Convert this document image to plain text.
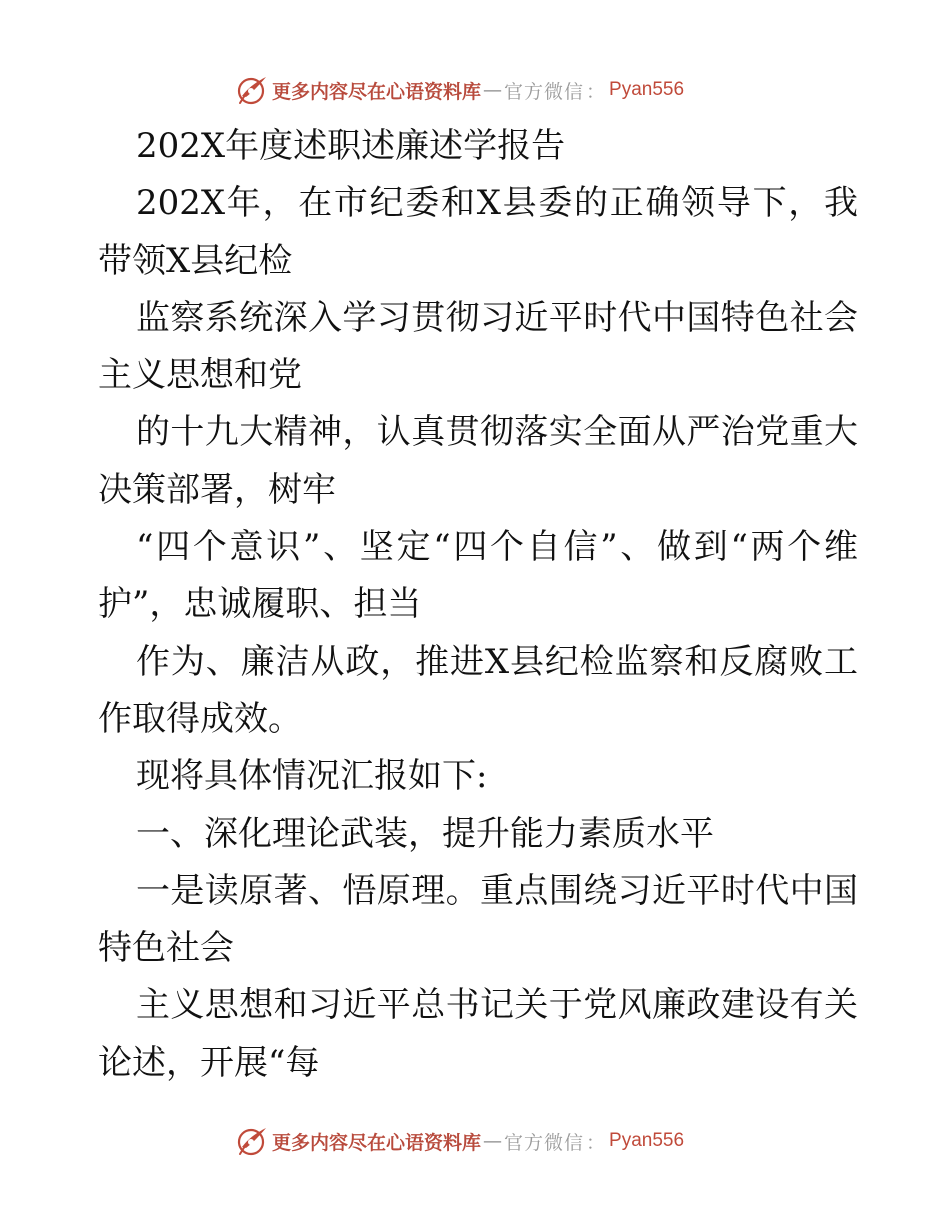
更多内容尽在心语资料库 — 官方微信 ： Pyan556

202X年度述职述廉述学报告

202X年，在市纪委和X县委的正确领导下，我带领X县纪检

监察系统深入学习贯彻习近平时代中国特色社会主义思想和党

的十九大精神，认真贯彻落实全面从严治党重大决策部署，树牢

“四个意识”、坚定“四个自信”、做到“两个维护”，忠诚履职、担当

作为、廉洁从政，推进X县纪检监察和反腐败工作取得成效。

现将具体情况汇报如下:

一、深化理论武装，提升能力素质水平

一是读原著、悟原理。重点围绕习近平时代中国特色社会

主义思想和习近平总书记关于党风廉政建设有关论述，开展“每

更多内容尽在心语资料库 — 官方微信 ： Pyan556
